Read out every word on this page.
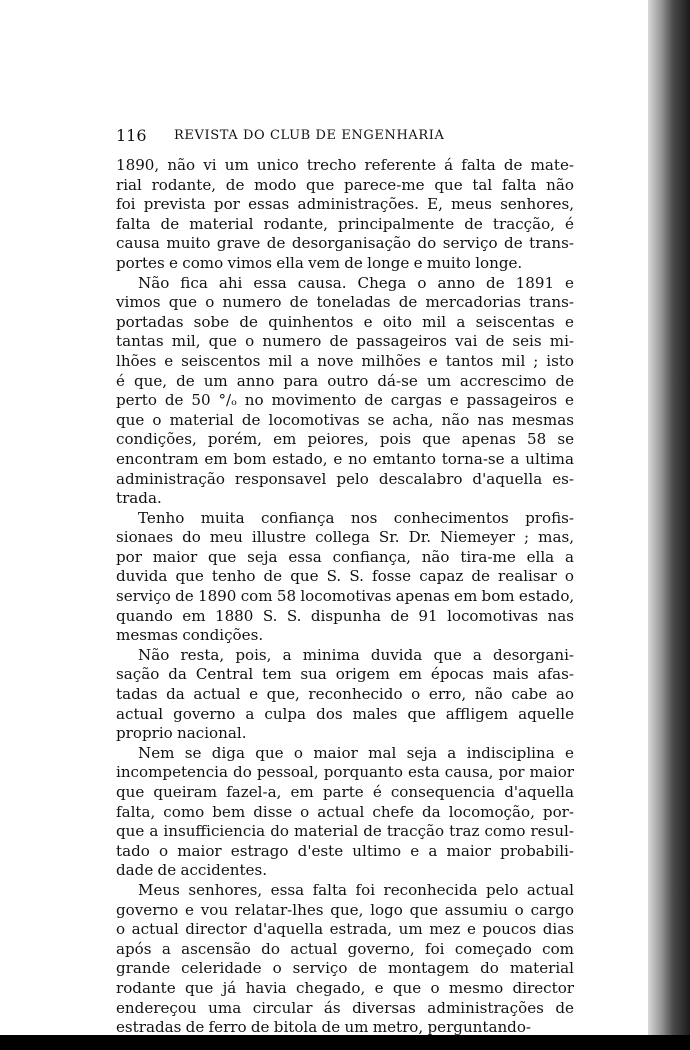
116 REVISTA DO CLUB DE ENGENHARIA
1890, não vi um unico trecho referente á falta de mate-
rial rodante, de modo que parece-me que tal falta não
foi prevista por essas administrações. E, meus senhores,
falta de material rodante, principalmente de tracção, é
causa muito grave de desorganisação do serviço de trans-
portes e como vimos ella vem de longe e muito longe.
Não fica ahi essa causa. Chega o anno de 1891 e
vimos que o numero de toneladas de mercadorias trans-
portadas sobe de quinhentos e oito mil a seiscentas e
tantas mil, que o numero de passageiros vai de seis mi-
lhões e seiscentos mil a nove milhões e tantos mil ; isto
é que, de um anno para outro dá-se um accrescimo de
perto de 50 °/ₒ no movimento de cargas e passageiros e
que o material de locomotivas se acha, não nas mesmas
condições, porém, em peiores, pois que apenas 58 se
encontram em bom estado, e no emtanto torna-se a ultima
administração responsavel pelo descalabro d'aquella es-
trada.
Tenho muita confiança nos conhecimentos profis-
sionaes do meu illustre collega Sr. Dr. Niemeyer ; mas,
por maior que seja essa confiança, não tira-me ella a
duvida que tenho de que S. S. fosse capaz de realisar o
serviço de 1890 com 58 locomotivas apenas em bom estado,
quando em 1880 S. S. dispunha de 91 locomotivas nas
mesmas condições.
Não resta, pois, a minima duvida que a desorgani-
sação da Central tem sua origem em épocas mais afas-
tadas da actual e que, reconhecido o erro, não cabe ao
actual governo a culpa dos males que affligem aquelle
proprio nacional.
Nem se diga que o maior mal seja a indisciplina e
incompetencia do pessoal, porquanto esta causa, por maior
que queiram fazel-a, em parte é consequencia d'aquella
falta, como bem disse o actual chefe da locomoção, por-
que a insufficiencia do material de tracção traz como resul-
tado o maior estrago d'este ultimo e a maior probabili-
dade de accidentes.
Meus senhores, essa falta foi reconhecida pelo actual
governo e vou relatar-lhes que, logo que assumiu o cargo
o actual director d'aquella estrada, um mez e poucos dias
após a ascensão do actual governo, foi começado com
grande celeridade o serviço de montagem do material
rodante que já havia chegado, e que o mesmo director
endereçou uma circular ás diversas administrações de
estradas de ferro de bitola de um metro, perguntando-
